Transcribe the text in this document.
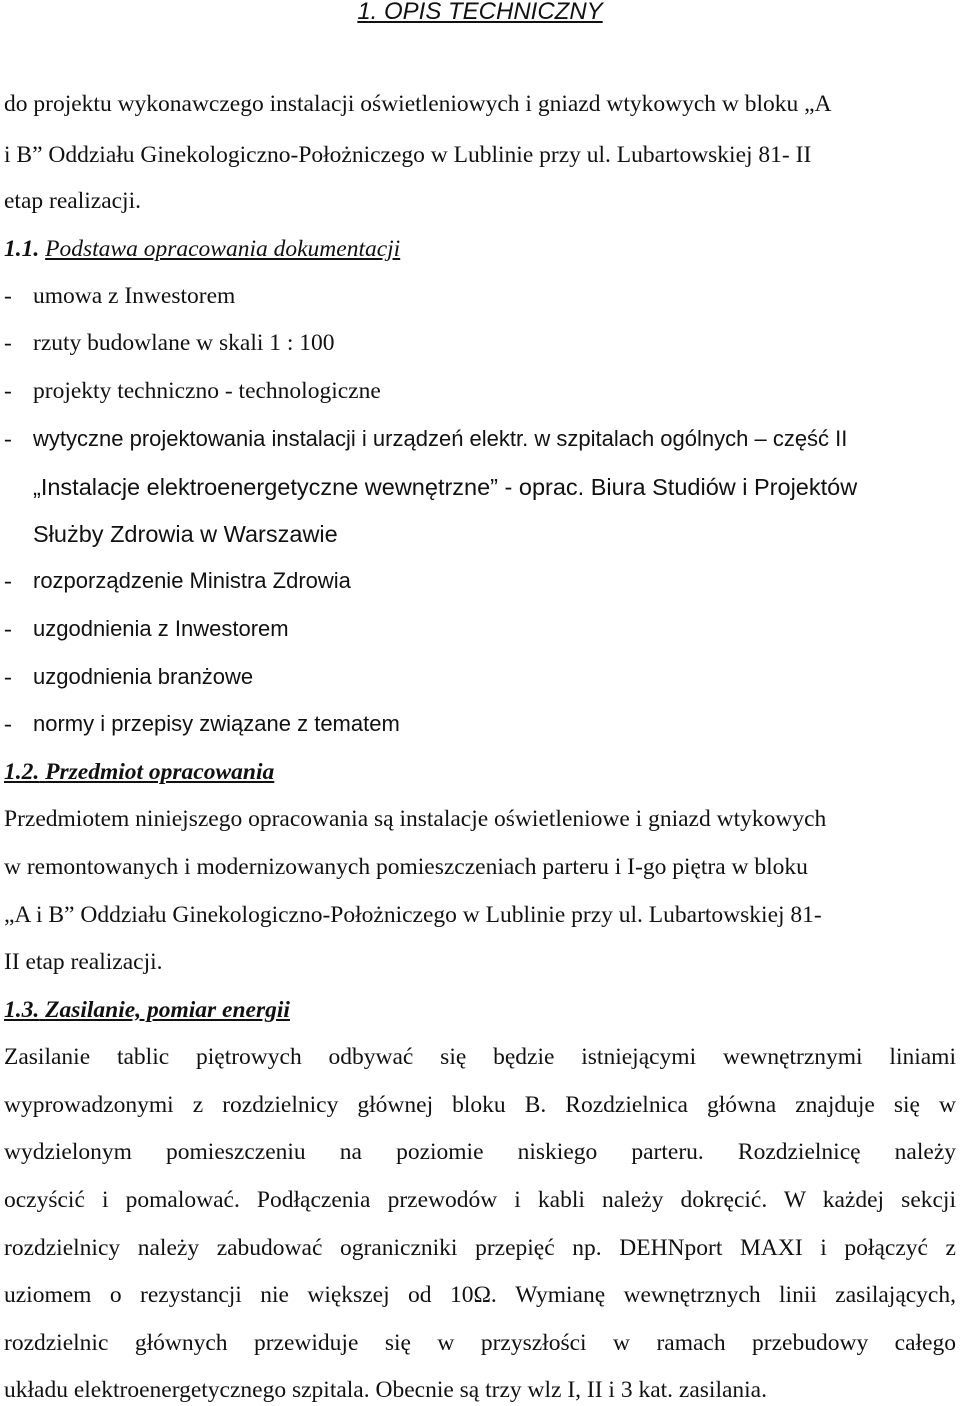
1. OPIS TECHNICZNY
do projektu wykonawczego instalacji oświetleniowych i gniazd wtykowych w bloku „A
i B” Oddziału Ginekologiczno-Położniczego w Lublinie przy ul. Lubartowskiej 81- II
etap realizacji.
1.1. Podstawa opracowania dokumentacji
- umowa z Inwestorem
- rzuty budowlane w skali 1 : 100
- projekty techniczno - technologiczne
- wytyczne projektowania instalacji i urządzeń elektr. w szpitalach ogólnych – część II
„Instalacje elektroenergetyczne wewnętrzne” - oprac. Biura Studiów i Projektów
Służby Zdrowia w Warszawie
- rozporządzenie Ministra Zdrowia
- uzgodnienia z Inwestorem
- uzgodnienia branżowe
- normy i przepisy związane z tematem
1.2. Przedmiot opracowania
Przedmiotem niniejszego opracowania są instalacje oświetleniowe i gniazd wtykowych
w remontowanych i modernizowanych pomieszczeniach parteru i I-go piętra w bloku
„A i B” Oddziału Ginekologiczno-Położniczego w Lublinie przy ul. Lubartowskiej 81-
II etap realizacji.
1.3. Zasilanie, pomiar energii
Zasilanie tablic piętrowych odbywać się będzie istniejącymi wewnętrznymi liniami
wyprowadzonymi z rozdzielnicy głównej bloku B. Rozdzielnica główna znajduje się w
wydzielonym pomieszczeniu na poziomie niskiego parteru. Rozdzielnicę należy
oczyścić i pomalować. Podłączenia przewodów i kabli należy dokręcić. W każdej sekcji
rozdzielnicy należy zabudować ograniczniki przepięć np. DEHNport MAXI i połączyć z
uziomem o rezystancji nie większej od 10Ω. Wymianę wewnętrznych linii zasilających,
rozdzielnic głównych przewiduje się w przyszłości w ramach przebudowy całego
układu elektroenergetycznego szpitala. Obecnie są trzy wlz I, II i 3 kat. zasilania.
